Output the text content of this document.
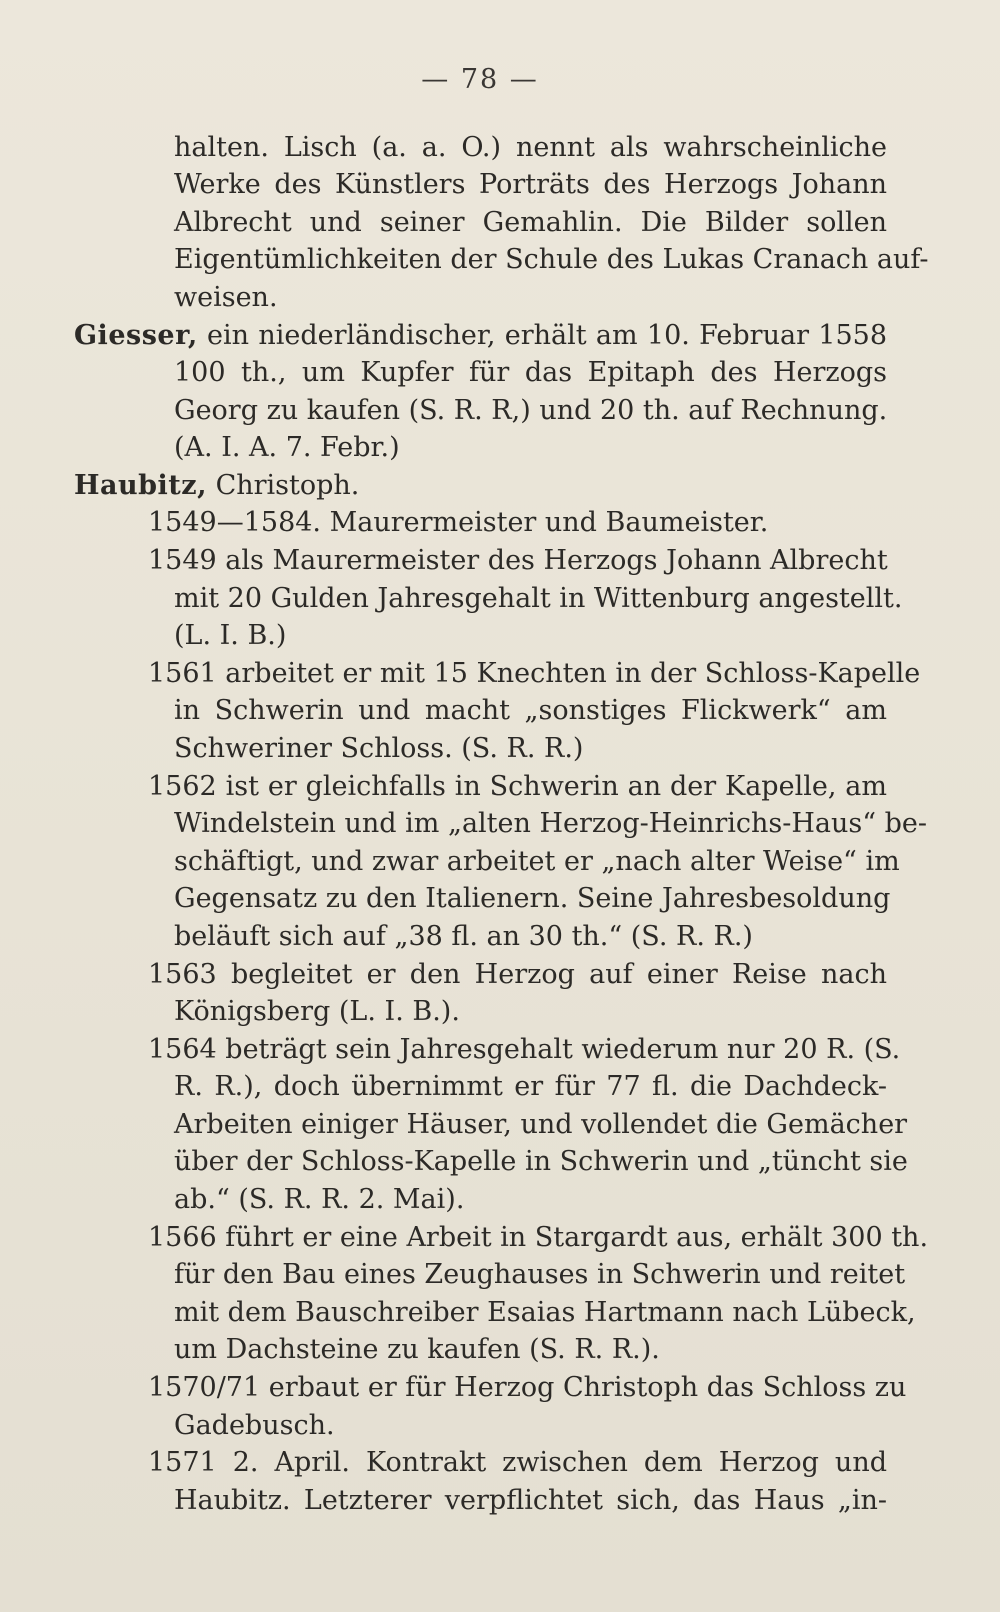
— 78 —
halten. Lisch (a. a. O.) nennt als wahrscheinliche
Werke des Künstlers Porträts des Herzogs Johann
Albrecht und seiner Gemahlin. Die Bilder sollen
Eigentümlichkeiten der Schule des Lukas Cranach auf-
weisen.
Giesser, ein niederländischer, erhält am 10. Februar 1558
100 th., um Kupfer für das Epitaph des Herzogs
Georg zu kaufen (S. R. R,) und 20 th. auf Rechnung.
(A. I. A. 7. Febr.)
Haubitz, Christoph.
1549—1584. Maurermeister und Baumeister.
1549 als Maurermeister des Herzogs Johann Albrecht
mit 20 Gulden Jahresgehalt in Wittenburg angestellt.
(L. I. B.)
1561 arbeitet er mit 15 Knechten in der Schloss-Kapelle
in Schwerin und macht „sonstiges Flickwerk“ am
Schweriner Schloss. (S. R. R.)
1562 ist er gleichfalls in Schwerin an der Kapelle, am
Windelstein und im „alten Herzog-Heinrichs-Haus“ be-
schäftigt, und zwar arbeitet er „nach alter Weise“ im
Gegensatz zu den Italienern. Seine Jahresbesoldung
beläuft sich auf „38 fl. an 30 th.“ (S. R. R.)
1563 begleitet er den Herzog auf einer Reise nach
Königsberg (L. I. B.).
1564 beträgt sein Jahresgehalt wiederum nur 20 R. (S.
R. R.), doch übernimmt er für 77 fl. die Dachdeck-
Arbeiten einiger Häuser, und vollendet die Gemächer
über der Schloss-Kapelle in Schwerin und „tüncht sie
ab.“ (S. R. R. 2. Mai).
1566 führt er eine Arbeit in Stargardt aus, erhält 300 th.
für den Bau eines Zeughauses in Schwerin und reitet
mit dem Bauschreiber Esaias Hartmann nach Lübeck,
um Dachsteine zu kaufen (S. R. R.).
1570/71 erbaut er für Herzog Christoph das Schloss zu
Gadebusch.
1571 2. April. Kontrakt zwischen dem Herzog und
Haubitz. Letzterer verpflichtet sich, das Haus „in-
